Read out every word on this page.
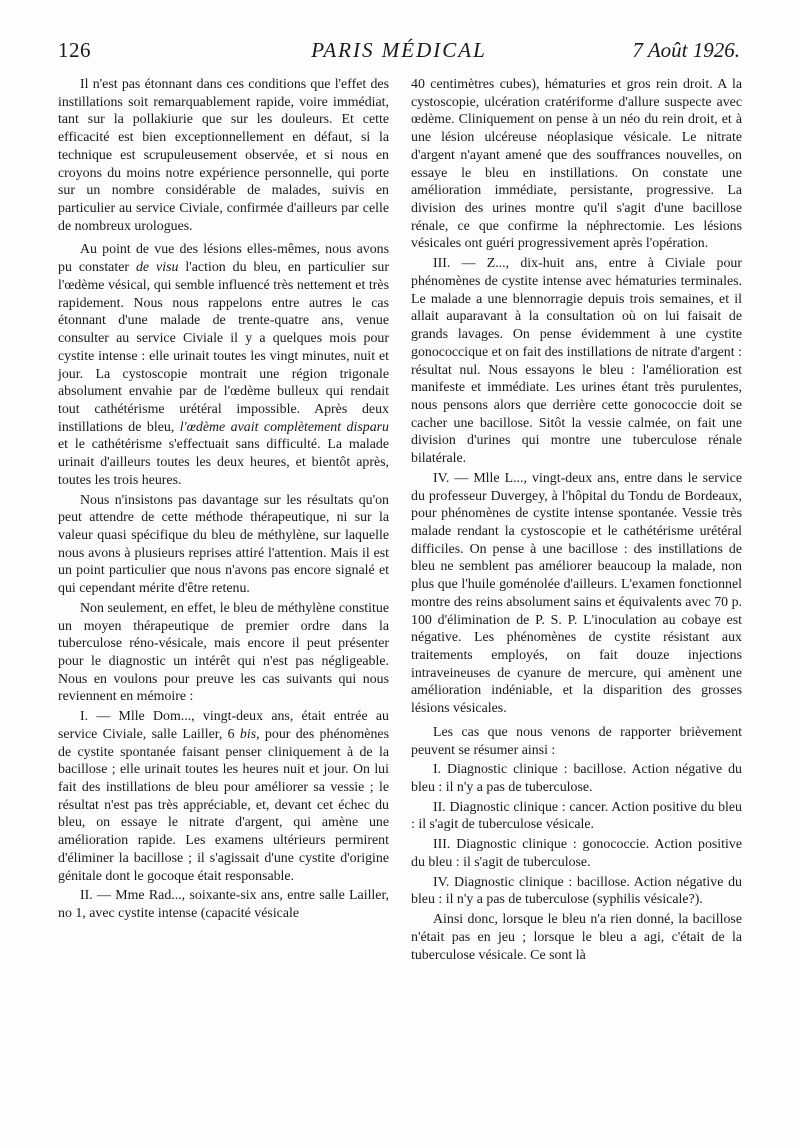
126	PARIS MÉDICAL	7 Août 1926.

Il n'est pas étonnant dans ces conditions que l'effet des instillations soit remarquablement rapide, voire immédiat, tant sur la pollakiurie que sur les douleurs. Et cette efficacité est bien exceptionnellement en défaut, si la technique est scrupuleusement observée, et si nous en croyons du moins notre expérience personnelle, qui porte sur un nombre considérable de malades, suivis en particulier au service Civiale, confirmée d'ailleurs par celle de nombreux urologues.

Au point de vue des lésions elles-mêmes, nous avons pu constater de visu l'action du bleu, en particulier sur l'œdème vésical, qui semble influencé très nettement et très rapidement. Nous nous rappelons entre autres le cas étonnant d'une malade de trente-quatre ans, venue consulter au service Civiale il y a quelques mois pour cystite intense : elle urinait toutes les vingt minutes, nuit et jour. La cystoscopie montrait une région trigonale absolument envahie par de l'œdème bulleux qui rendait tout cathétérisme urétéral impossible. Après deux instillations de bleu, l'œdème avait complètement disparu et le cathétérisme s'effectuait sans difficulté. La malade urinait d'ailleurs toutes les deux heures, et bientôt après, toutes les trois heures.

Nous n'insistons pas davantage sur les résultats qu'on peut attendre de cette méthode thérapeutique, ni sur la valeur quasi spécifique du bleu de méthylène, sur laquelle nous avons à plusieurs reprises attiré l'attention. Mais il est un point particulier que nous n'avons pas encore signalé et qui cependant mérite d'être retenu.

Non seulement, en effet, le bleu de méthylène constitue un moyen thérapeutique de premier ordre dans la tuberculose réno-vésicale, mais encore il peut présenter pour le diagnostic un intérêt qui n'est pas négligeable. Nous en voulons pour preuve les cas suivants qui nous reviennent en mémoire :

I. — Mlle Dom..., vingt-deux ans, était entrée au service Civiale, salle Lailler, 6 bis, pour des phénomènes de cystite spontanée faisant penser cliniquement à de la bacillose ; elle urinait toutes les heures nuit et jour. On lui fait des instillations de bleu pour améliorer sa vessie ; le résultat n'est pas très appréciable, et, devant cet échec du bleu, on essaye le nitrate d'argent, qui amène une amélioration rapide. Les examens ultérieurs permirent d'éliminer la bacillose ; il s'agissait d'une cystite d'origine génitale dont le gocoque était responsable.

II. — Mme Rad..., soixante-six ans, entre salle Lailler, no 1, avec cystite intense (capacité vésicale

40 centimètres cubes), hématuries et gros rein droit. A la cystoscopie, ulcération cratériforme d'allure suspecte avec œdème. Cliniquement on pense à un néo du rein droit, et à une lésion ulcéreuse néoplasique vésicale. Le nitrate d'argent n'ayant amené que des souffrances nouvelles, on essaye le bleu en instillations. On constate une amélioration immédiate, persistante, progressive. La division des urines montre qu'il s'agit d'une bacillose rénale, ce que confirme la néphrectomie. Les lésions vésicales ont guéri progressivement après l'opération.

III. — Z..., dix-huit ans, entre à Civiale pour phénomènes de cystite intense avec hématuries terminales. Le malade a une blennorragie depuis trois semaines, et il allait auparavant à la consultation où on lui faisait de grands lavages. On pense évidemment à une cystite gonococcique et on fait des instillations de nitrate d'argent : résultat nul. Nous essayons le bleu : l'amélioration est manifeste et immédiate. Les urines étant très purulentes, nous pensons alors que derrière cette gonococcie doit se cacher une bacillose. Sitôt la vessie calmée, on fait une division d'urines qui montre une tuberculose rénale bilatérale.

IV. — Mlle L..., vingt-deux ans, entre dans le service du professeur Duvergey, à l'hôpital du Tondu de Bordeaux, pour phénomènes de cystite intense spontanée. Vessie très malade rendant la cystoscopie et le cathétérisme urétéral difficiles. On pense à une bacillose : des instillations de bleu ne semblent pas améliorer beaucoup la malade, non plus que l'huile goménolée d'ailleurs. L'examen fonctionnel montre des reins absolument sains et équivalents avec 70 p. 100 d'élimination de P. S. P. L'inoculation au cobaye est négative. Les phénomènes de cystite résistant aux traitements employés, on fait douze injections intraveineuses de cyanure de mercure, qui amènent une amélioration indéniable, et la disparition des grosses lésions vésicales.

Les cas que nous venons de rapporter brièvement peuvent se résumer ainsi :

I. Diagnostic clinique : bacillose. Action négative du bleu : il n'y a pas de tuberculose.

II. Diagnostic clinique : cancer. Action positive du bleu : il s'agit de tuberculose vésicale.

III. Diagnostic clinique : gonococcie. Action positive du bleu : il s'agit de tuberculose.

IV. Diagnostic clinique : bacillose. Action négative du bleu : il n'y a pas de tuberculose (syphilis vésicale?).

Ainsi donc, lorsque le bleu n'a rien donné, la bacillose n'était pas en jeu ; lorsque le bleu a agi, c'était de la tuberculose vésicale. Ce sont là
